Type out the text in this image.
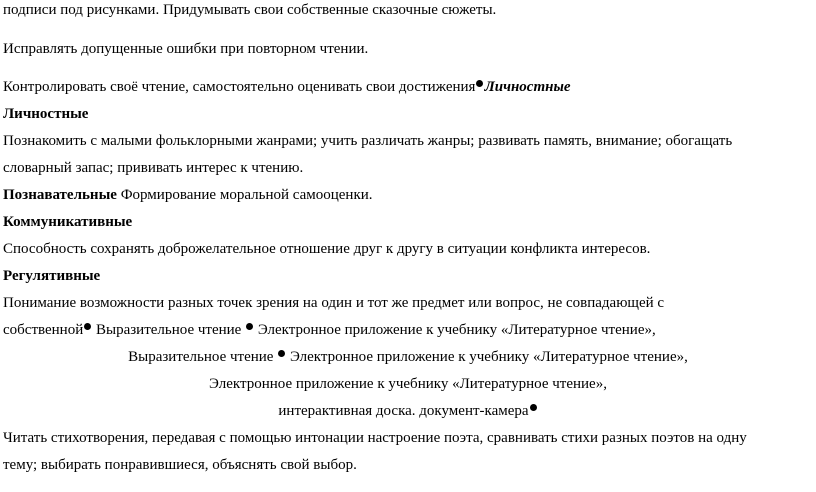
подписи под рисунками. Придумывать свои собственные сказочные сюжеты.
Исправлять допущенные ошибки при повторном чтении.
Контролировать своё чтение, самостоятельно оценивать свои достижения Личностные
Личностные
Познакомить с малыми фольклорными жанрами; учить различать жанры; развивать память, внимание; обогащать
словарный запас; прививать интерес к чтению.
Познавательные Формирование моральной самооценки.
Коммуникативные
Способность сохранять доброжелательное отношение друг к другу в ситуации конфликта интересов.
Регулятивные
Понимание возможности разных точек зрения на один и тот же предмет или вопрос, не совпадающей с
собственной Выразительное чтение Электронное приложение к учебнику «Литературное чтение»,
Выразительное чтение Электронное приложение к учебнику «Литературное чтение»,
Электронное приложение к учебнику «Литературное чтение»,
интерактивная доска. документ-камера
Читать стихотворения, передавая с помощью интонации настроение поэта, сравнивать стихи разных поэтов на одну
тему; выбирать понравившиеся, объяснять свой выбор.
